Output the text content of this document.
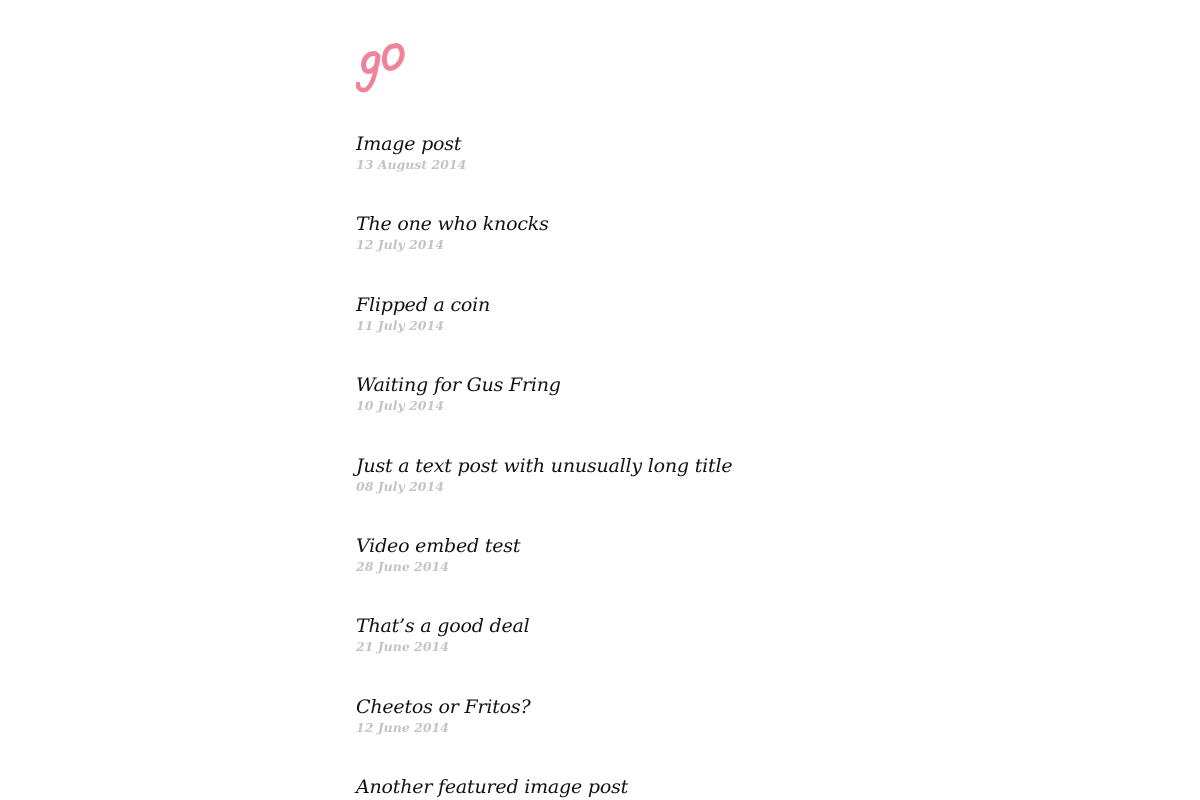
Image post
13 August 2014
The one who knocks
12 July 2014
Flipped a coin
11 July 2014
Waiting for Gus Fring
10 July 2014
Just a text post with unusually long title
08 July 2014
Video embed test
28 June 2014
That’s a good deal
21 June 2014
Cheetos or Fritos?
12 June 2014
Another featured image post
